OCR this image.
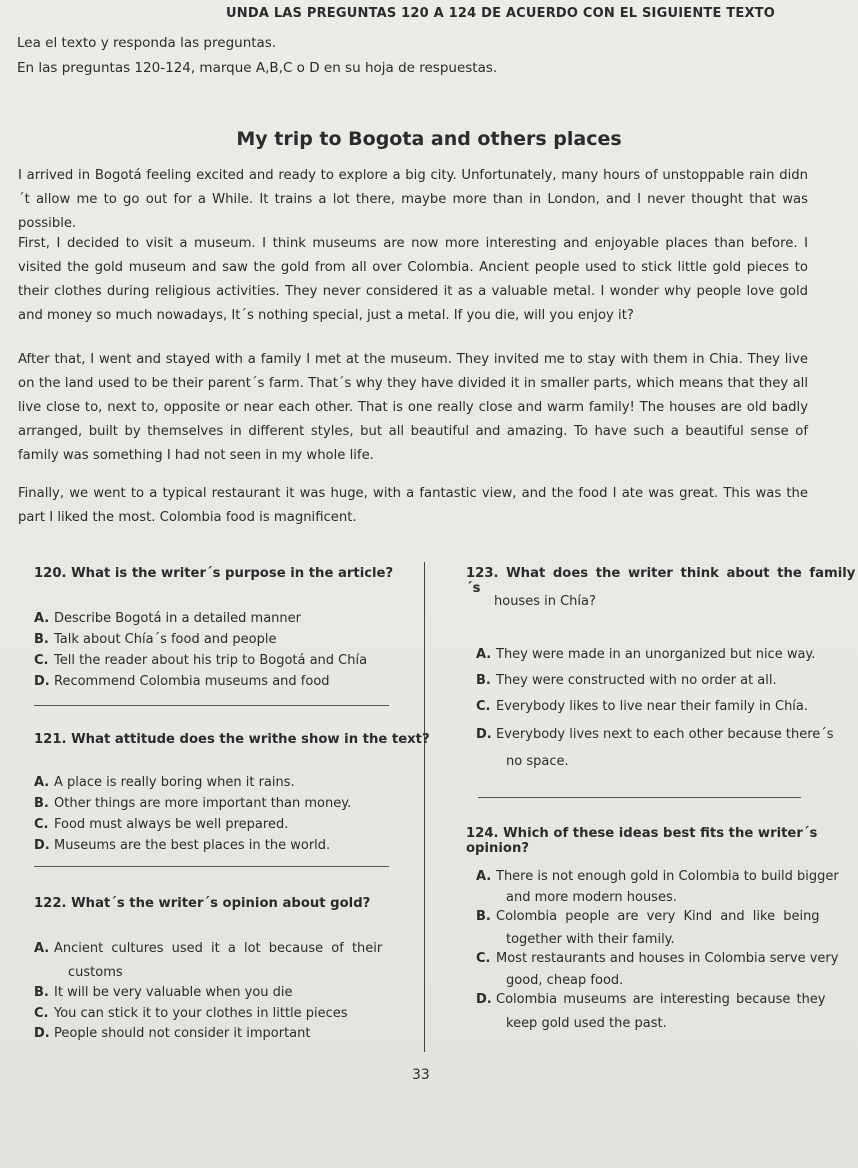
UNDA LAS PREGUNTAS 120 A 124 DE ACUERDO CON EL SIGUIENTE TEXTO
Lea el texto y responda las preguntas.
En las preguntas 120-124, marque A,B,C o D en su hoja de respuestas.
My trip to Bogota and others places

I arrived in Bogotá feeling excited and ready to explore a big city. Unfortunately, many hours of unstoppable rain didn´t allow me to go out for a While. It trains a lot there, maybe more than in London, and I never thought that was possible.

First, I decided to visit a museum. I think museums are now more interesting and enjoyable places than before. I visited the gold museum and saw the gold from all over Colombia. Ancient people used to stick little gold pieces to their clothes during religious activities. They never considered it as a valuable metal. I wonder why people love gold and money so much nowadays, It´s nothing special, just a metal. If you die, will you enjoy it?

After that, I went and stayed with a family I met at the museum. They invited me to stay with them in Chia. They live on the land used to be their parent´s farm. That´s why they have divided it in smaller parts, which means that they all live close to, next to, opposite or near each other. That is one really close and warm family! The houses are old badly arranged, built by themselves in different styles, but all beautiful and amazing. To have such a beautiful sense of family was something I had not seen in my whole life.

Finally, we went to a typical restaurant it was huge, with a fantastic view, and the food I ate was great. This was the part I liked the most. Colombia food is magnificent.

120. What is the writer´s purpose in the article?
A. Describe Bogotá in a detailed manner
B. Talk about Chía´s food and people
C. Tell the reader about his trip to Bogotá and Chía
D. Recommend Colombia museums and food
121. What attitude does the writhe show in the text?
A. A place is really boring when it rains.
B. Other things are more important than money.
C. Food must always be well prepared.
D. Museums are the best places in the world.
122. What´s the writer´s opinion about gold?
A. Ancient cultures used it a lot because of their
customs
B. It will be very valuable when you die
C. You can stick it to your clothes in little pieces
D. People should not consider it important
123. What does the writer think about the family´s
houses in Chía?
A. They were made in an unorganized but nice way.
B. They were constructed with no order at all.
C. Everybody likes to live near their family in Chía.
D. Everybody lives next to each other because there´s
no space.
124. Which of these ideas best fits the writer´s opinion?
A. There is not enough gold in Colombia to build bigger
and more modern houses.
B. Colombia people are very Kind and like being
together with their family.
C. Most restaurants and houses in Colombia serve very
good, cheap food.
D. Colombia museums are interesting because they
keep gold used the past.
33
